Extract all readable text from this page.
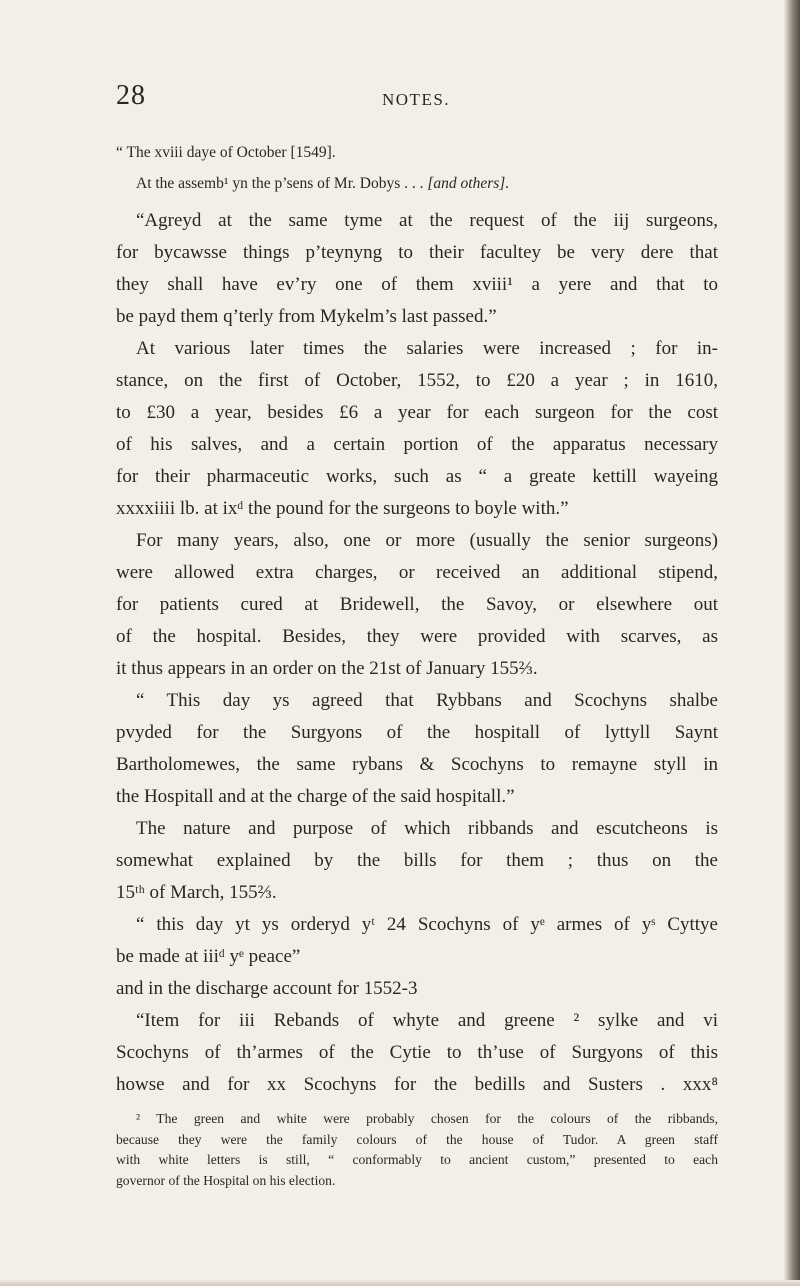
28	NOTES.
“ The xviii daye of October [1549].
At the assemb¹ yn the p’sens of Mr. Dobys . . . [and others].
“Agreyd at the same tyme at the request of the iij surgeons,
for bycawsse things p’teynyng to their facultey be very dere that
they shall have ev’ry one of them xviii¹ a yere and that to
be payd them q’terly from Mykelm’s last passed.”
At various later times the salaries were increased ; for in-
stance, on the first of October, 1552, to £20 a year ; in 1610,
to £30 a year, besides £6 a year for each surgeon for the cost
of his salves, and a certain portion of the apparatus necessary
for their pharmaceutic works, such as “ a greate kettill wayeing
xxxxiiii lb. at ixᵈ the pound for the surgeons to boyle with.”
For many years, also, one or more (usually the senior surgeons)
were allowed extra charges, or received an additional stipend,
for patients cured at Bridewell, the Savoy, or elsewhere out
of the hospital. Besides, they were provided with scarves, as
it thus appears in an order on the 21st of January 155⅔.
“ This day ys agreed that Rybbans and Scochyns shalbe
pvyded for the Surgyons of the hospitall of lyttyll Saynt
Bartholomewes, the same rybans & Scochyns to remayne styll in
the Hospitall and at the charge of the said hospitall.”
The nature and purpose of which ribbands and escutcheons is
somewhat explained by the bills for them ; thus on the
15ᵗʰ of March, 155⅔.
“ this day yt ys orderyd yᵗ 24 Scochyns of yᵉ armes of yˢ Cyttye
be made at iiiᵈ yᵉ peace”
and in the discharge account for 1552-3
“Item for iii Rebands of whyte and greene ² sylke and vi
Scochyns of th’armes of the Cytie to th’use of Surgyons of this
howse and for xx Scochyns for the bedills and Susters . xxx⁸
² The green and white were probably chosen for the colours of the ribbands,
because they were the family colours of the house of Tudor. A green staff
with white letters is still, “ conformably to ancient custom,” presented to each
governor of the Hospital on his election.
